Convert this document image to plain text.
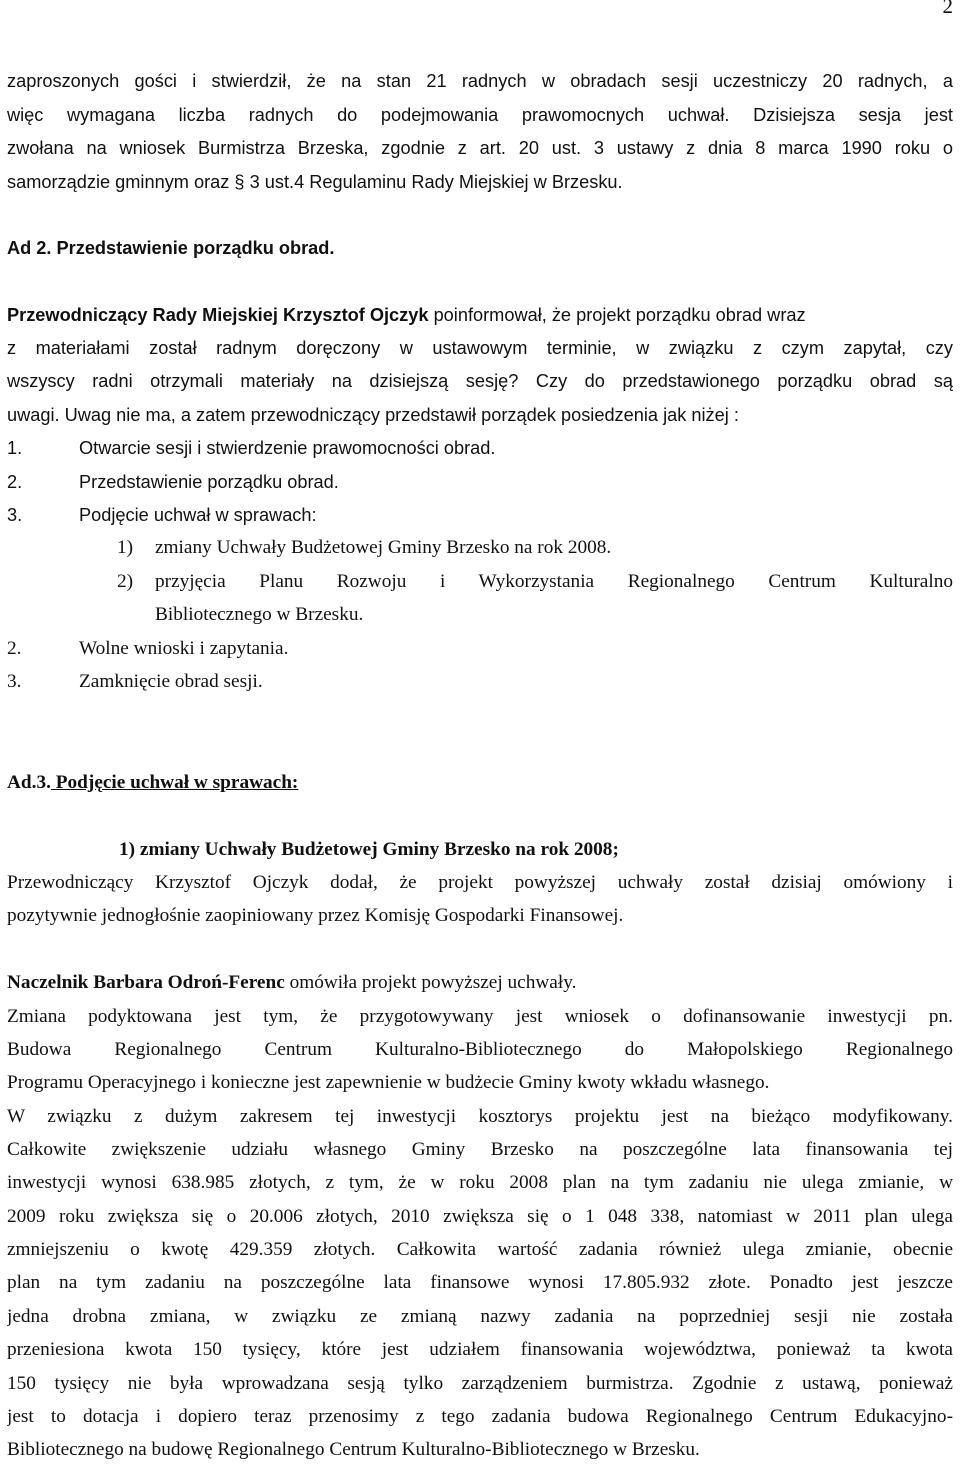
2
zaproszonych gości i stwierdził, że na stan 21 radnych w obradach sesji uczestniczy 20 radnych, a
więc wymagana liczba radnych do podejmowania prawomocnych uchwał. Dzisiejsza sesja jest
zwołana na wniosek Burmistrza Brzeska, zgodnie z art. 20 ust. 3 ustawy z dnia 8 marca 1990 roku o
samorządzie gminnym oraz § 3 ust.4 Regulaminu Rady Miejskiej w Brzesku.
Ad 2. Przedstawienie porządku obrad.
Przewodniczący Rady Miejskiej Krzysztof Ojczyk poinformował, że projekt porządku obrad wraz
z materiałami został radnym doręczony w ustawowym terminie, w związku z czym zapytał, czy
wszyscy radni otrzymali materiały na dzisiejszą sesję? Czy do przedstawionego porządku obrad są
uwagi. Uwag nie ma, a zatem przewodniczący przedstawił porządek posiedzenia jak niżej :
1.	Otwarcie sesji i stwierdzenie prawomocności obrad.
2.	Przedstawienie porządku obrad.
3.	Podjęcie uchwał w sprawach:
1) zmiany Uchwały Budżetowej Gminy Brzesko na rok 2008.
2) przyjęcia Planu Rozwoju i Wykorzystania Regionalnego Centrum Kulturalno
Bibliotecznego w Brzesku.
2.	Wolne wnioski i zapytania.
3.	Zamknięcie obrad sesji.
Ad.3. Podjęcie uchwał w sprawach:
1) zmiany Uchwały Budżetowej Gminy Brzesko na rok 2008;
Przewodniczący Krzysztof Ojczyk dodał, że projekt powyższej uchwały został dzisiaj omówiony i
pozytywnie jednogłośnie zaopiniowany przez Komisję Gospodarki Finansowej.
Naczelnik Barbara Odroń-Ferenc omówiła projekt powyższej uchwały.
Zmiana podyktowana jest tym, że przygotowywany jest wniosek o dofinansowanie inwestycji pn.
Budowa Regionalnego Centrum Kulturalno-Bibliotecznego do Małopolskiego Regionalnego
Programu Operacyjnego i konieczne jest zapewnienie w budżecie Gminy kwoty wkładu własnego.
W związku z dużym zakresem tej inwestycji kosztorys projektu jest na bieżąco modyfikowany.
Całkowite zwiększenie udziału własnego Gminy Brzesko na poszczególne lata finansowania tej
inwestycji wynosi 638.985 złotych, z tym, że w roku 2008 plan na tym zadaniu nie ulega zmianie, w
2009 roku zwiększa się o 20.006 złotych, 2010 zwiększa się o 1 048 338, natomiast w 2011 plan ulega
zmniejszeniu o kwotę 429.359 złotych. Całkowita wartość zadania również ulega zmianie, obecnie
plan na tym zadaniu na poszczególne lata finansowe wynosi 17.805.932 złote. Ponadto jest jeszcze
jedna drobna zmiana, w związku ze zmianą nazwy zadania na poprzedniej sesji nie została
przeniesiona kwota 150 tysięcy, które jest udziałem finansowania województwa, ponieważ ta kwota
150 tysięcy nie była wprowadzana sesją tylko zarządzeniem burmistrza. Zgodnie z ustawą, ponieważ
jest to dotacja i dopiero teraz przenosimy z tego zadania budowa Regionalnego Centrum Edukacyjno-
Bibliotecznego na budowę Regionalnego Centrum Kulturalno-Bibliotecznego w Brzesku.
